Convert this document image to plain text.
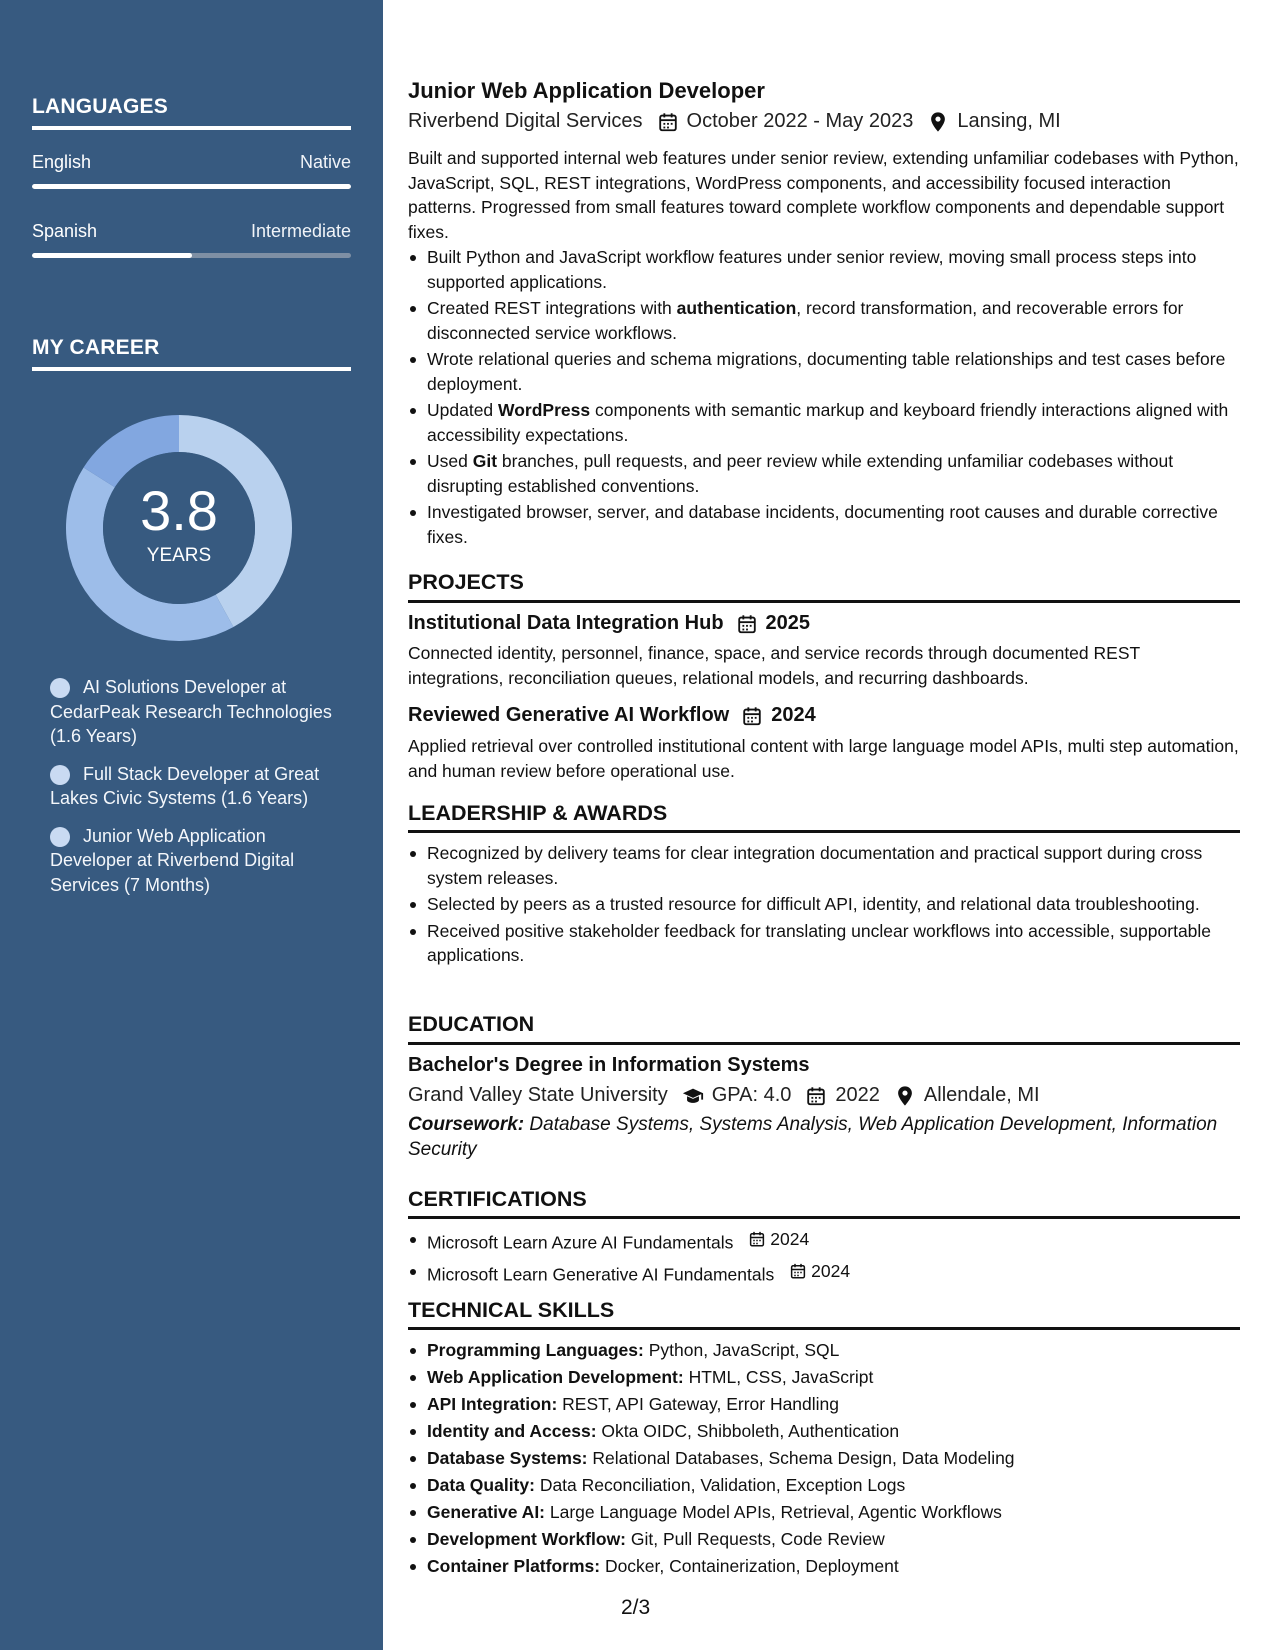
LANGUAGES
English	Native
Spanish	Intermediate
MY CAREER
3.8
YEARS
AI Solutions Developer at CedarPeak Research Technologies (1.6 Years)
Full Stack Developer at Great Lakes Civic Systems (1.6 Years)
Junior Web Application Developer at Riverbend Digital Services (7 Months)
Junior Web Application Developer
Riverbend Digital Services October 2022 - May 2023 Lansing, MI
Built and supported internal web features under senior review, extending unfamiliar codebases with Python, JavaScript, SQL, REST integrations, WordPress components, and accessibility focused interaction patterns. Progressed from small features toward complete workflow components and dependable support fixes.
Built Python and JavaScript workflow features under senior review, moving small process steps into supported applications.
Created REST integrations with authentication, record transformation, and recoverable errors for disconnected service workflows.
Wrote relational queries and schema migrations, documenting table relationships and test cases before deployment.
Updated WordPress components with semantic markup and keyboard friendly interactions aligned with accessibility expectations.
Used Git branches, pull requests, and peer review while extending unfamiliar codebases without disrupting established conventions.
Investigated browser, server, and database incidents, documenting root causes and durable corrective fixes.
PROJECTS
Institutional Data Integration Hub 2025
Connected identity, personnel, finance, space, and service records through documented REST integrations, reconciliation queues, relational models, and recurring dashboards.
Reviewed Generative AI Workflow 2024
Applied retrieval over controlled institutional content with large language model APIs, multi step automation, and human review before operational use.
LEADERSHIP & AWARDS
Recognized by delivery teams for clear integration documentation and practical support during cross system releases.
Selected by peers as a trusted resource for difficult API, identity, and relational data troubleshooting.
Received positive stakeholder feedback for translating unclear workflows into accessible, supportable applications.
EDUCATION
Bachelor's Degree in Information Systems
Grand Valley State University GPA: 4.0 2022 Allendale, MI
Coursework: Database Systems, Systems Analysis, Web Application Development, Information Security
CERTIFICATIONS
Microsoft Learn Azure AI Fundamentals 2024
Microsoft Learn Generative AI Fundamentals 2024
TECHNICAL SKILLS
Programming Languages: Python, JavaScript, SQL
Web Application Development: HTML, CSS, JavaScript
API Integration: REST, API Gateway, Error Handling
Identity and Access: Okta OIDC, Shibboleth, Authentication
Database Systems: Relational Databases, Schema Design, Data Modeling
Data Quality: Data Reconciliation, Validation, Exception Logs
Generative AI: Large Language Model APIs, Retrieval, Agentic Workflows
Development Workflow: Git, Pull Requests, Code Review
Container Platforms: Docker, Containerization, Deployment
2/3
